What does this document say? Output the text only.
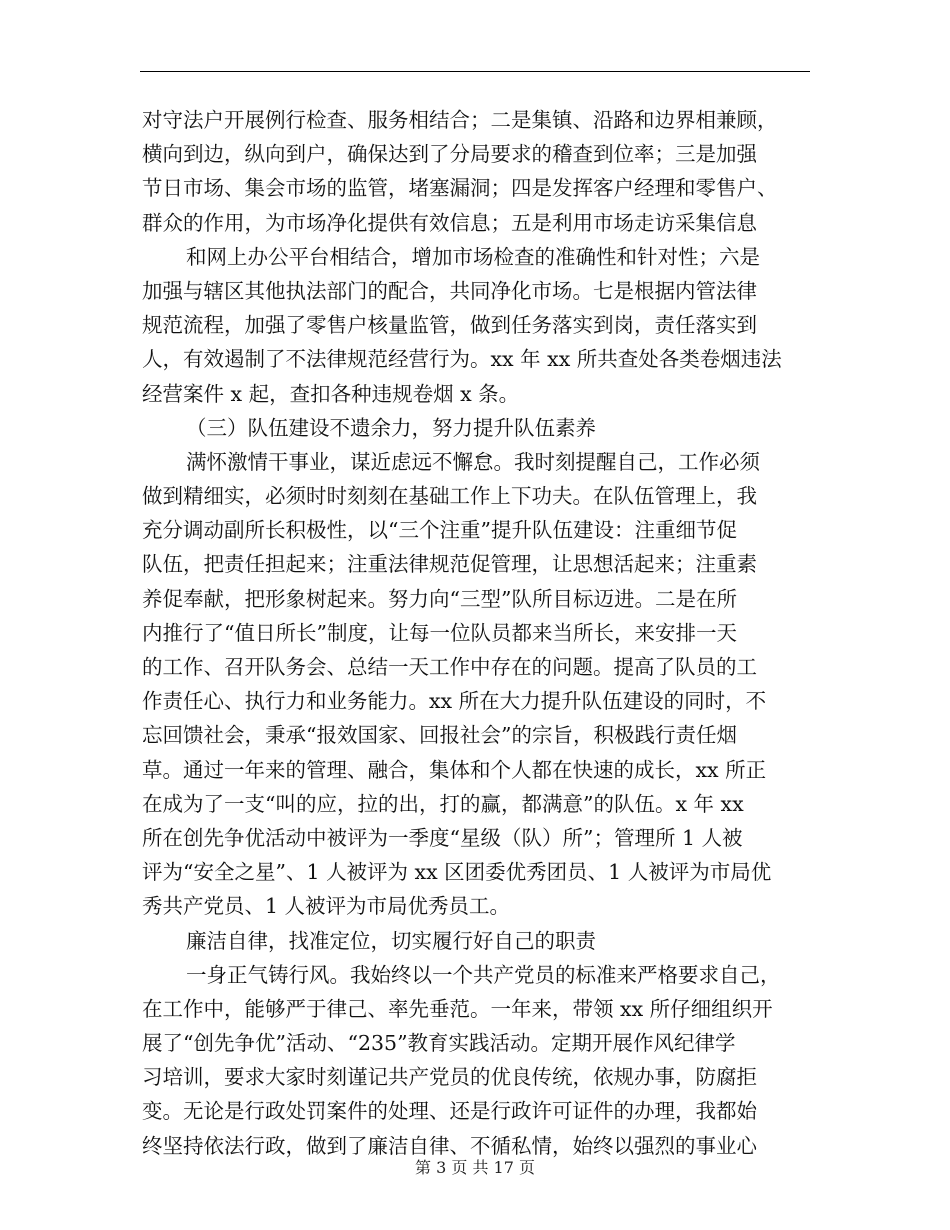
对守法户开展例行检查、服务相结合；二是集镇、沿路和边界相兼顾，
横向到边，纵向到户，确保达到了分局要求的稽查到位率；三是加强
节日市场、集会市场的监管，堵塞漏洞；四是发挥客户经理和零售户、
群众的作用，为市场净化提供有效信息；五是利用市场走访采集信息
和网上办公平台相结合，增加市场检查的准确性和针对性；六是
加强与辖区其他执法部门的配合，共同净化市场。七是根据内管法律
规范流程，加强了零售户核量监管，做到任务落实到岗，责任落实到
人，有效遏制了不法律规范经营行为。xx 年 xx 所共查处各类卷烟违法
经营案件 x 起，查扣各种违规卷烟 x 条。
（三）队伍建设不遗余力，努力提升队伍素养
满怀激情干事业，谋近虑远不懈怠。我时刻提醒自己，工作必须
做到精细实，必须时时刻刻在基础工作上下功夫。在队伍管理上，我
充分调动副所长积极性，以“三个注重”提升队伍建设：注重细节促
队伍，把责任担起来；注重法律规范促管理，让思想活起来；注重素
养促奉献，把形象树起来。努力向“三型”队所目标迈进。二是在所
内推行了“值日所长”制度，让每一位队员都来当所长，来安排一天
的工作、召开队务会、总结一天工作中存在的问题。提高了队员的工
作责任心、执行力和业务能力。xx 所在大力提升队伍建设的同时，不
忘回馈社会，秉承“报效国家、回报社会”的宗旨，积极践行责任烟
草。通过一年来的管理、融合，集体和个人都在快速的成长，xx 所正
在成为了一支“叫的应，拉的出，打的赢，都满意”的队伍。x 年 xx
所在创先争优活动中被评为一季度“星级（队）所”；管理所 1 人被
评为“安全之星”、1 人被评为 xx 区团委优秀团员、1 人被评为市局优
秀共产党员、1 人被评为市局优秀员工。
廉洁自律，找准定位，切实履行好自己的职责
一身正气铸行风。我始终以一个共产党员的标准来严格要求自己，
在工作中，能够严于律己、率先垂范。一年来，带领 xx 所仔细组织开
展了“创先争优”活动、“235”教育实践活动。定期开展作风纪律学
习培训，要求大家时刻谨记共产党员的优良传统，依规办事，防腐拒
变。无论是行政处罚案件的处理、还是行政许可证件的办理，我都始
终坚持依法行政，做到了廉洁自律、不循私情，始终以强烈的事业心
第 3 页 共 17 页
